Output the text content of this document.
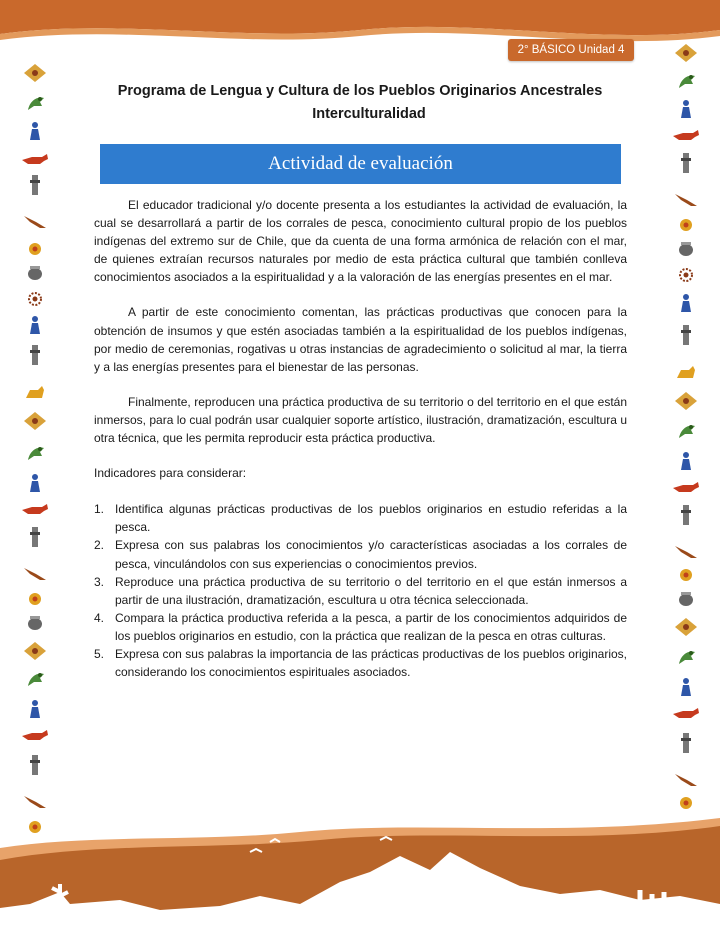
2° BÁSICO Unidad 4
Programa de Lengua y Cultura de los Pueblos Originarios Ancestrales
Interculturalidad
Actividad de evaluación

El educador tradicional y/o docente presenta a los estudiantes la actividad de evaluación, la cual se desarrollará a partir de los corrales de pesca, conocimiento cultural propio de los pueblos indígenas del extremo sur de Chile, que da cuenta de una forma armónica de relación con el mar, de quienes extraían recursos naturales por medio de esta práctica cultural que también conlleva conocimientos asociados a la espiritualidad y a la valoración de las energías presentes en el mar.

A partir de este conocimiento comentan, las prácticas productivas que conocen para la obtención de insumos y que estén asociadas también a la espiritualidad de los pueblos indígenas, por medio de ceremonias, rogativas u otras instancias de agradecimiento o solicitud al mar, la tierra y a las energías presentes para el bienestar de las personas.

Finalmente, reproducen una práctica productiva de su territorio o del territorio en el que están inmersos, para lo cual podrán usar cualquier soporte artístico, ilustración, dramatización, escultura u otra técnica, que les permita reproducir esta práctica productiva.

Indicadores para considerar:

1. Identifica algunas prácticas productivas de los pueblos originarios en estudio referidas a la pesca.
2. Expresa con sus palabras los conocimientos y/o características asociadas a los corrales de pesca, vinculándolos con sus experiencias o conocimientos previos.
3. Reproduce una práctica productiva de su territorio o del territorio en el que están inmersos a partir de una ilustración, dramatización, escultura u otra técnica seleccionada.
4. Compara la práctica productiva referida a la pesca, a partir de los conocimientos adquiridos de los pueblos originarios en estudio, con la práctica que realizan de la pesca en otras culturas.
5. Expresa con sus palabras la importancia de las prácticas productivas de los pueblos originarios, considerando los conocimientos espirituales asociados.
